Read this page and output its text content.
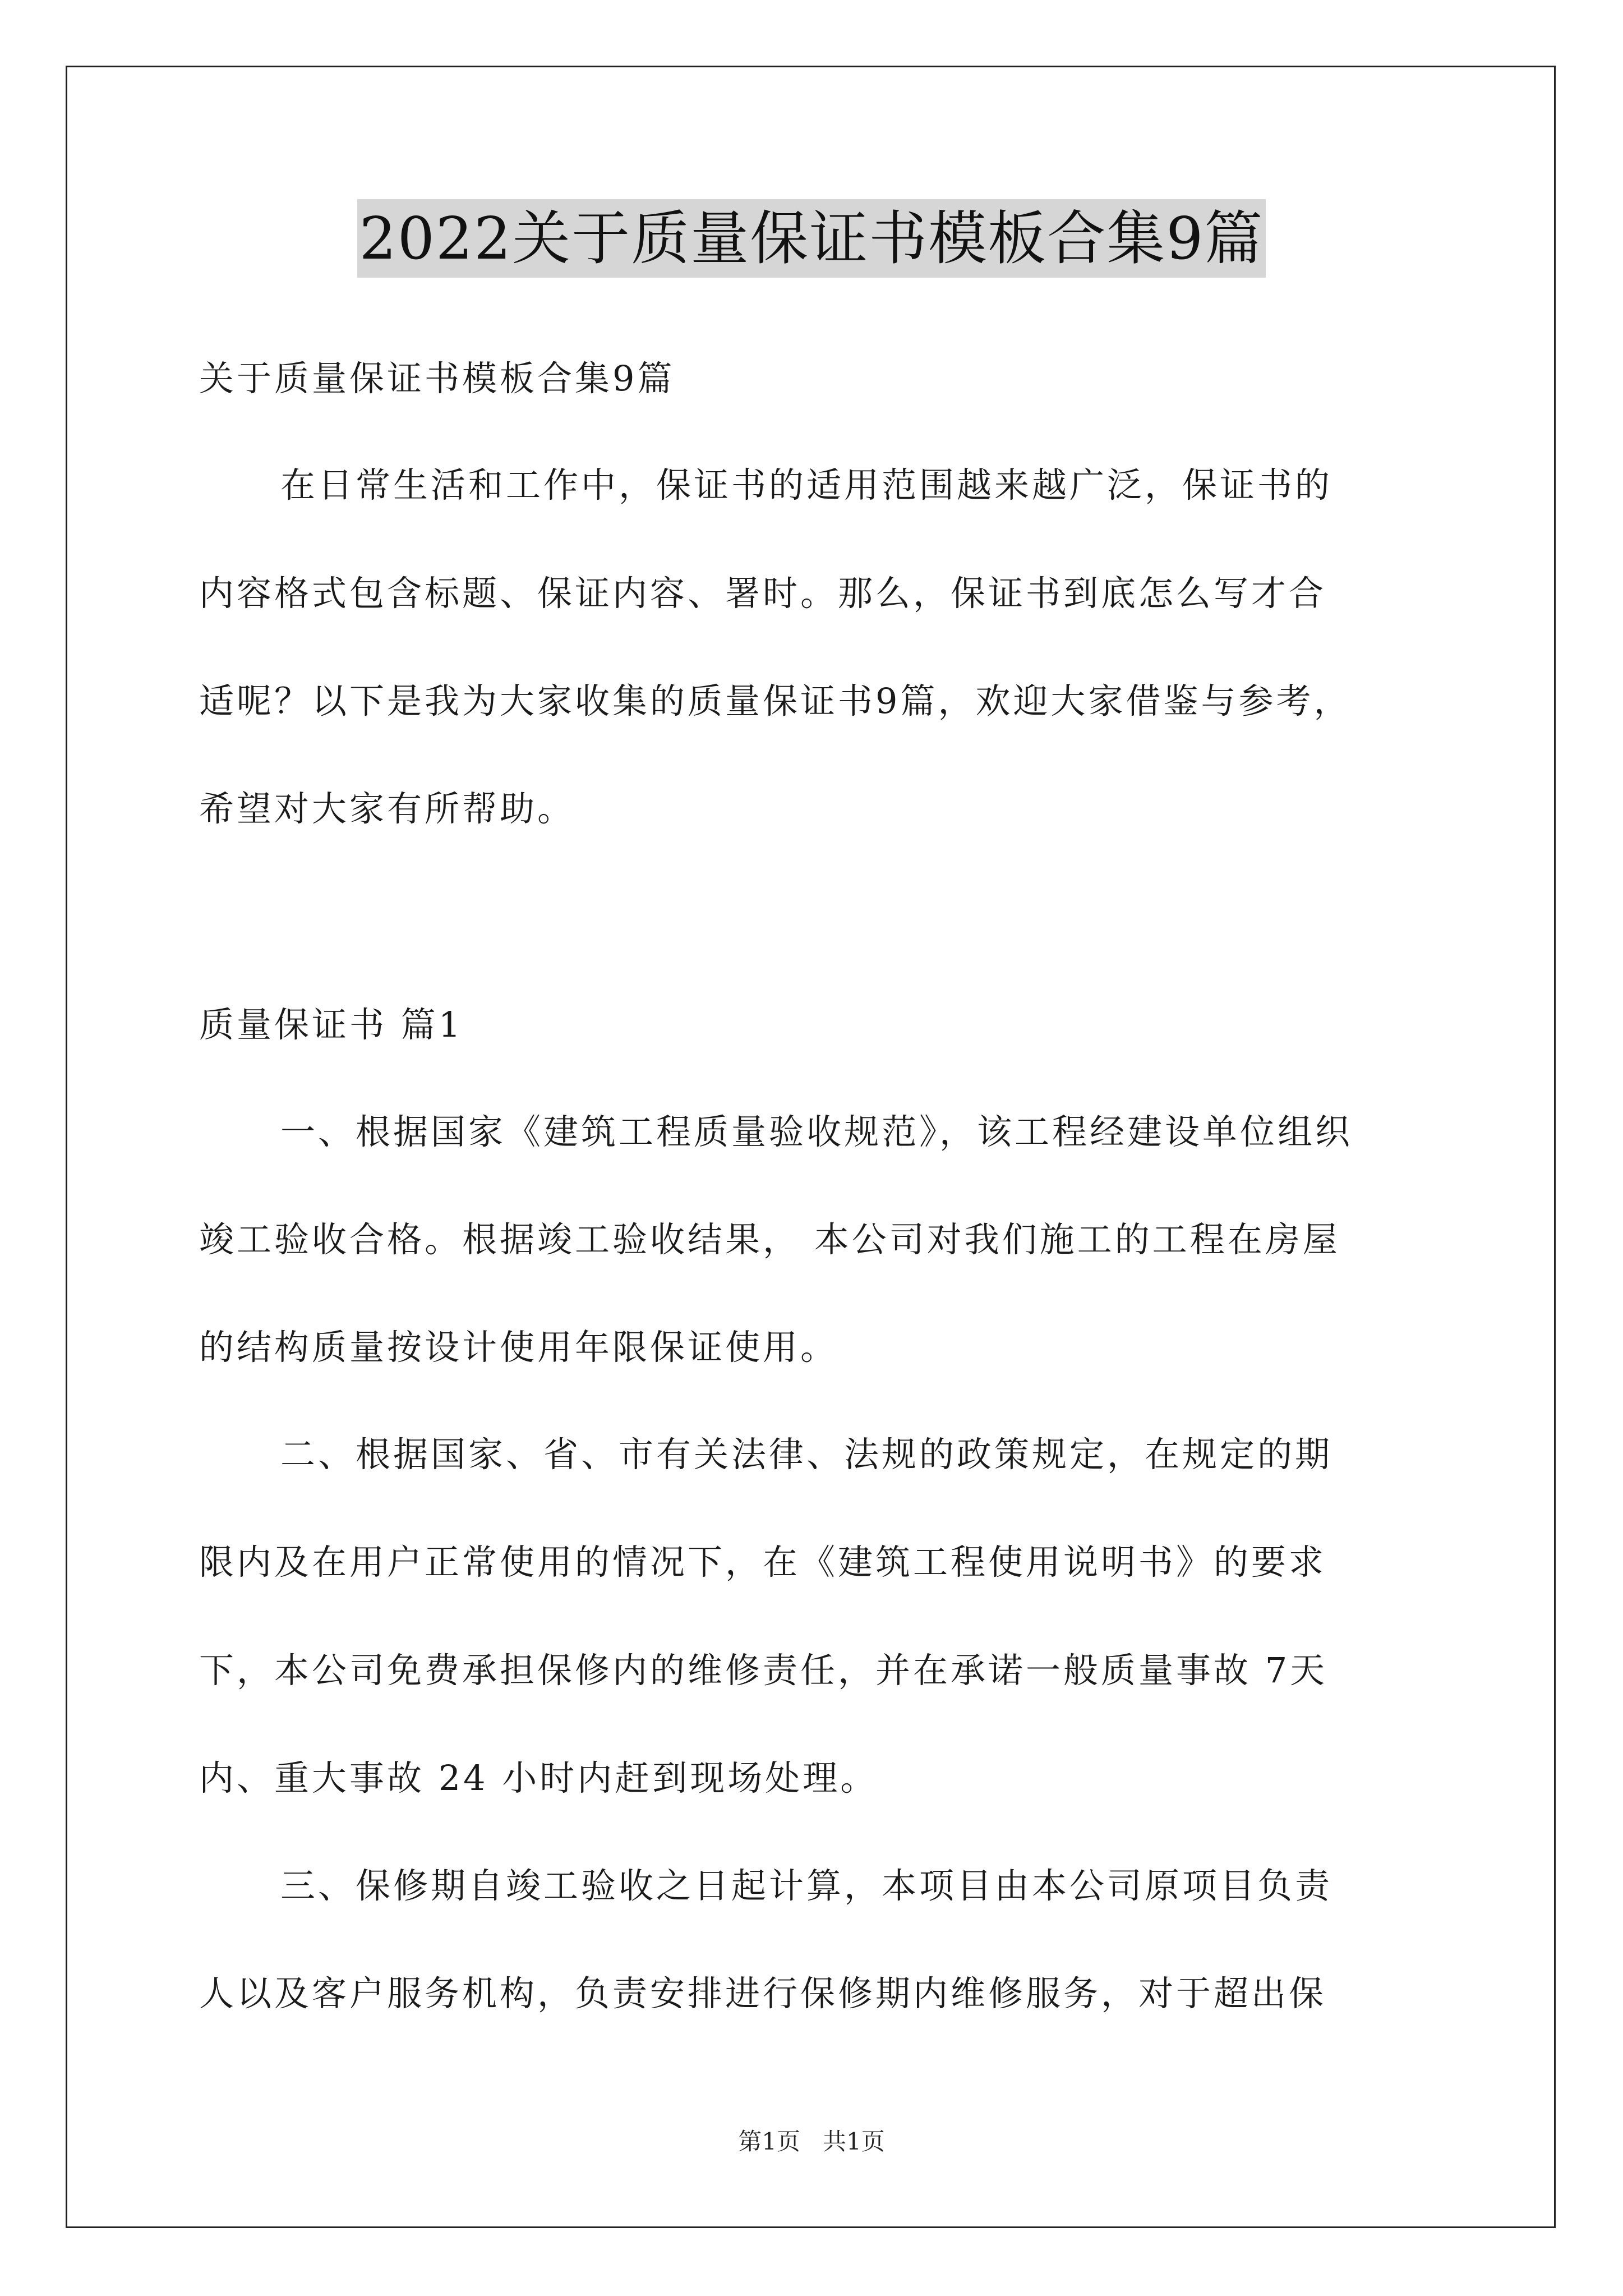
2022关于质量保证书模板合集9篇
关于质量保证书模板合集9篇
在日常生活和工作中，保证书的适用范围越来越广泛，保证书的
内容格式包含标题、保证内容、署时。那么，保证书到底怎么写才合
适呢？以下是我为大家收集的质量保证书9篇，欢迎大家借鉴与参考，
希望对大家有所帮助。
质量保证书 篇1
一、根据国家《建筑工程质量验收规范》，该工程经建设单位组织
竣工验收合格。根据竣工验收结果， 本公司对我们施工的工程在房屋
的结构质量按设计使用年限保证使用。
二、根据国家、省、市有关法律、法规的政策规定，在规定的期
限内及在用户正常使用的情况下，在《建筑工程使用说明书》的要求
下，本公司免费承担保修内的维修责任，并在承诺一般质量事故 7天
内、重大事故 24 小时内赶到现场处理。
三、保修期自竣工验收之日起计算，本项目由本公司原项目负责
人以及客户服务机构，负责安排进行保修期内维修服务，对于超出保
第1页   共1页
